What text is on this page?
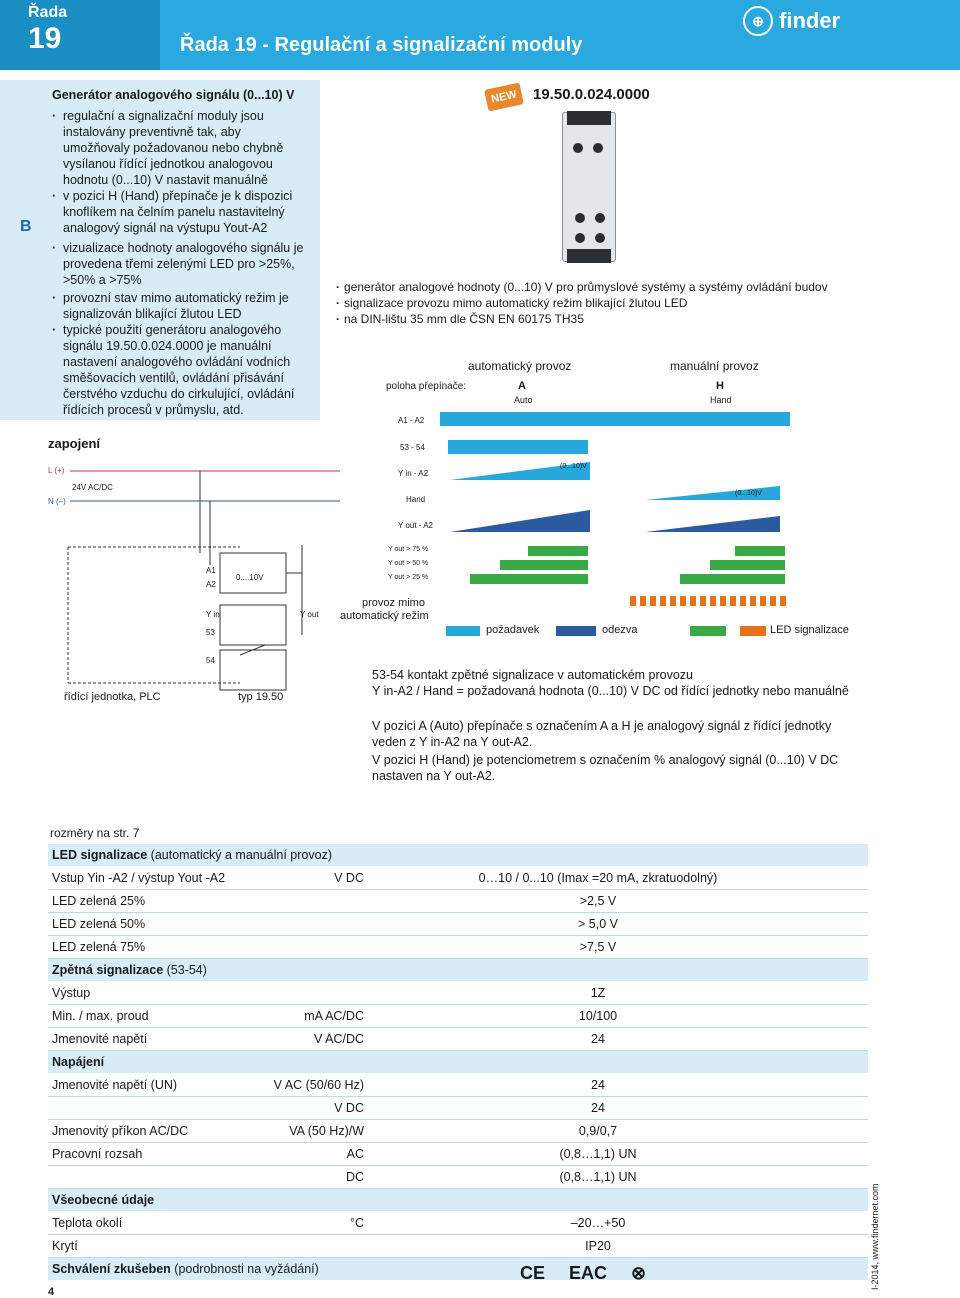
Řada
19	Řada 19 - Regulační a signalizační moduly
⊕ finder
B
Generátor analogového signálu (0...10) V
· regulační a signalizační moduly jsou instalovány preventivně tak, aby umožňovaly požadovanou nebo chybně vysílanou řídící jednotkou analogovou hodnotu (0...10) V nastavit manuálně
· v pozici H (Hand) přepínače je k dispozici knoflíkem na čelním panelu nastavitelný analogový signál na výstupu Yout-A2
· vizualizace hodnoty analogového signálu je provedena třemi zelenými LED pro >25%, >50% a >75%
· provozní stav mimo automatický režim je signalizován blikající žlutou LED
· typické použití generátoru analogového signálu 19.50.0.024.0000 je manuální nastavení analogového ovládání vodních směšovacích ventilů, ovládání přisávání čerstvého vzduchu do cirkulující, ovládání řídících procesů v průmyslu, atd.
NEW	19.50.0.024.0000
· generátor analogové hodnoty (0...10) V pro průmyslové systémy a systémy ovládání budov
· signalizace provozu mimo automatický režim blikající žlutou LED
· na DIN-lištu 35 mm dle ČSN EN 60175 TH35
zapojení
L (+)
N (–)
24V AC/DC
A1
A2
0....10V
Y in	Y out
53
54
řídící jednotka, PLC	typ 19.50
automatický provoz	manuální provoz
poloha přepínače:	A
Auto
H
Hand
A1 - A2
53 - 54
Y in - A2
Hand
Y out - A2
Y out > 75 %
Y out > 50 %
Y out > 25 %
(0...10)V
(0...10)V
provoz mimo
automatický režim
požadavek	odezva	LED signalizace
53-54 kontakt zpětné signalizace v automatickém provozu
Y in-A2 / Hand = požadovaná hodnota (0...10) V DC od řídící jednotky nebo manuálně
V pozici A (Auto) přepínače s označením A a H je analogový signál z řídící jednotky veden z Y in-A2 na Y out-A2.
V pozici H (Hand) je potenciometrem s označením % analogový signál (0...10) V DC nastaven na Y out-A2.
rozměry na str. 7
LED signalizace (automatický a manuální provoz)
Vstup Yin -A2 / výstup Yout -A2	V DC	0…10 / 0...10 (Imax =20 mA, zkratuodolný)
LED zelená 25%	>2,5 V
LED zelená 50%	> 5,0 V
LED zelená 75%	>7,5 V
Zpětná signalizace (53-54)
Výstup	1Z
Min. / max. proud	mA AC/DC	10/100
Jmenovité napětí	V AC/DC	24
Napájení
Jmenovité napětí (UN)	V AC (50/60 Hz)	24
V DC	24
Jmenovitý příkon AC/DC	VA (50 Hz)/W	0,9/0,7
Pracovní rozsah	AC	(0,8…1,1) UN
DC	(0,8…1,1) UN
Všeobecné údaje
Teplota okolí	°C	–20…+50
Krytí	IP20
Schválení zkušeben (podrobnosti na vyžádání)	CE EAC ⊗
4
I-2014, www.findernet.com
